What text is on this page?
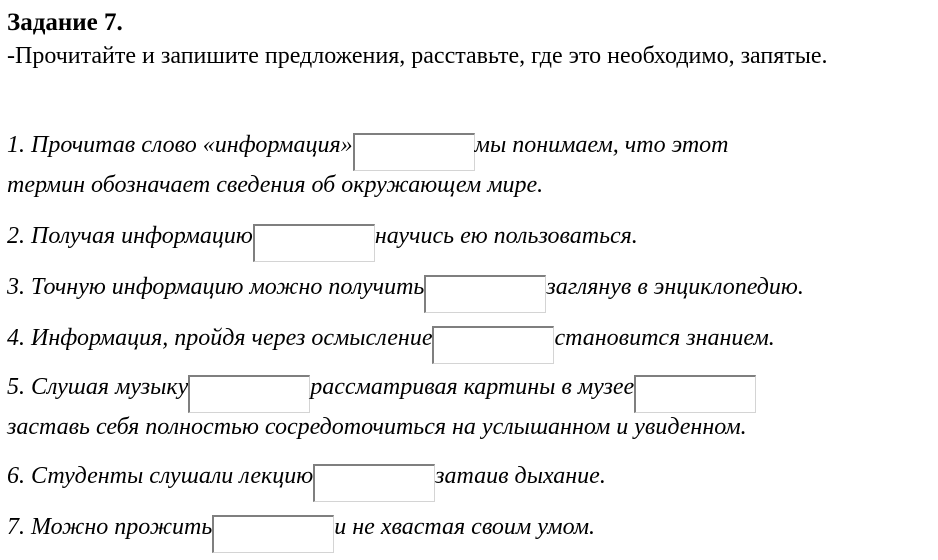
Задание 7.

-Прочитайте и запишите предложения, расставьте, где это необходимо, запятые.

1. Прочитав слово «информация»	мы понимаем, что этот
термин обозначает сведения об окружающем мире.
2. Получая информацию	научись ею пользоваться.
3. Точную информацию можно получить	заглянув в энциклопедию.
4. Информация, пройдя через осмысление	становится знанием.
5. Слушая музыку	рассматривая картины в музее
заставь себя полностью сосредоточиться на услышанном и увиденном.
6. Студенты слушали лекцию	затаив дыхание.
7. Можно прожить	и не хвастая своим умом.
